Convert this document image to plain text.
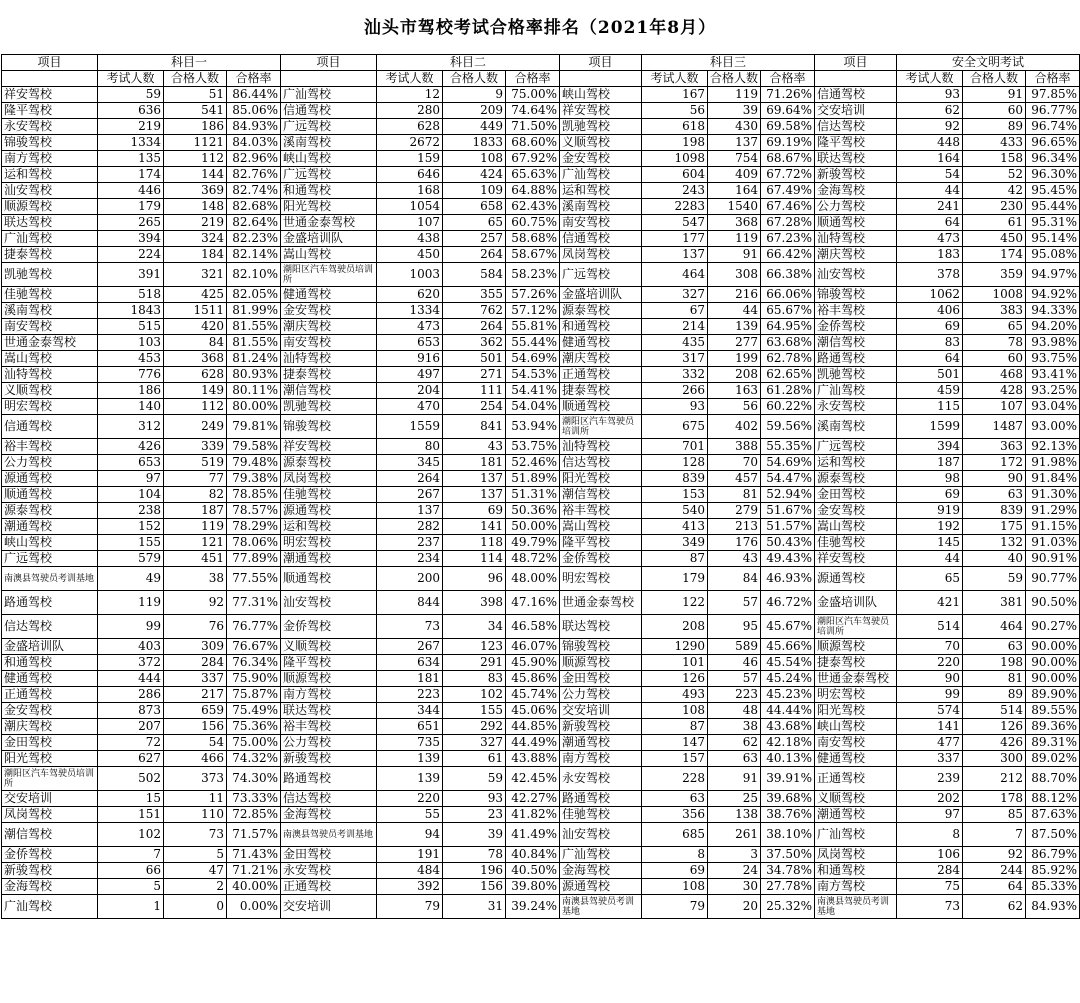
汕头市驾校考试合格率排名（2021年8月）
项目	科目一			项目	科目二			项目	科目三			项目	安全文明考试		
	考试人数	合格人数	合格率		考试人数	合格人数	合格率		考试人数	合格人数	合格率		考试人数	合格人数	合格率
祥安驾校	59	51	86.44%	广汕驾校	12	9	75.00%	峡山驾校	167	119	71.26%	信通驾校	93	91	97.85%
隆平驾校	636	541	85.06%	信通驾校	280	209	74.64%	祥安驾校	56	39	69.64%	交安培训	62	60	96.77%
永安驾校	219	186	84.93%	广远驾校	628	449	71.50%	凯驰驾校	618	430	69.58%	信达驾校	92	89	96.74%
锦骏驾校	1334	1121	84.03%	溪南驾校	2672	1833	68.60%	义顺驾校	198	137	69.19%	隆平驾校	448	433	96.65%
南方驾校	135	112	82.96%	峡山驾校	159	108	67.92%	金安驾校	1098	754	68.67%	联达驾校	164	158	96.34%
运和驾校	174	144	82.76%	广远驾校	646	424	65.63%	广汕驾校	604	409	67.72%	新骏驾校	54	52	96.30%
汕安驾校	446	369	82.74%	和通驾校	168	109	64.88%	运和驾校	243	164	67.49%	金海驾校	44	42	95.45%
顺源驾校	179	148	82.68%	阳光驾校	1054	658	62.43%	溪南驾校	2283	1540	67.46%	公力驾校	241	230	95.44%
联达驾校	265	219	82.64%	世通金泰驾校	107	65	60.75%	南安驾校	547	368	67.28%	顺通驾校	64	61	95.31%
广汕驾校	394	324	82.23%	金盛培训队	438	257	58.68%	信通驾校	177	119	67.23%	汕特驾校	473	450	95.14%
捷泰驾校	224	184	82.14%	嵩山驾校	450	264	58.67%	凤岗驾校	137	91	66.42%	潮庆驾校	183	174	95.08%
凯驰驾校	391	321	82.10%	潮阳区汽车驾驶员培训所	1003	584	58.23%	广远驾校	464	308	66.38%	汕安驾校	378	359	94.97%
佳驰驾校	518	425	82.05%	健通驾校	620	355	57.26%	金盛培训队	327	216	66.06%	锦骏驾校	1062	1008	94.92%
溪南驾校	1843	1511	81.99%	金安驾校	1334	762	57.12%	源泰驾校	67	44	65.67%	裕丰驾校	406	383	94.33%
南安驾校	515	420	81.55%	潮庆驾校	473	264	55.81%	和通驾校	214	139	64.95%	金侨驾校	69	65	94.20%
世通金泰驾校	103	84	81.55%	南安驾校	653	362	55.44%	健通驾校	435	277	63.68%	潮信驾校	83	78	93.98%
嵩山驾校	453	368	81.24%	汕特驾校	916	501	54.69%	潮庆驾校	317	199	62.78%	路通驾校	64	60	93.75%
汕特驾校	776	628	80.93%	捷泰驾校	497	271	54.53%	正通驾校	332	208	62.65%	凯驰驾校	501	468	93.41%
义顺驾校	186	149	80.11%	潮信驾校	204	111	54.41%	捷泰驾校	266	163	61.28%	广汕驾校	459	428	93.25%
明宏驾校	140	112	80.00%	凯驰驾校	470	254	54.04%	顺通驾校	93	56	60.22%	永安驾校	115	107	93.04%
信通驾校	312	249	79.81%	锦骏驾校	1559	841	53.94%	潮阳区汽车驾驶员培训所	675	402	59.56%	溪南驾校	1599	1487	93.00%
裕丰驾校	426	339	79.58%	祥安驾校	80	43	53.75%	汕特驾校	701	388	55.35%	广远驾校	394	363	92.13%
公力驾校	653	519	79.48%	源泰驾校	345	181	52.46%	信达驾校	128	70	54.69%	运和驾校	187	172	91.98%
源通驾校	97	77	79.38%	凤岗驾校	264	137	51.89%	阳光驾校	839	457	54.47%	源泰驾校	98	90	91.84%
顺通驾校	104	82	78.85%	佳驰驾校	267	137	51.31%	潮信驾校	153	81	52.94%	金田驾校	69	63	91.30%
源泰驾校	238	187	78.57%	源通驾校	137	69	50.36%	裕丰驾校	540	279	51.67%	金安驾校	919	839	91.29%
潮通驾校	152	119	78.29%	运和驾校	282	141	50.00%	嵩山驾校	413	213	51.57%	嵩山驾校	192	175	91.15%
峡山驾校	155	121	78.06%	明宏驾校	237	118	49.79%	隆平驾校	349	176	50.43%	佳驰驾校	145	132	91.03%
广远驾校	579	451	77.89%	潮通驾校	234	114	48.72%	金侨驾校	87	43	49.43%	祥安驾校	44	40	90.91%
南澳县驾驶员考训基地	49	38	77.55%	顺通驾校	200	96	48.00%	明宏驾校	179	84	46.93%	源通驾校	65	59	90.77%
路通驾校	119	92	77.31%	汕安驾校	844	398	47.16%	世通金泰驾校	122	57	46.72%	金盛培训队	421	381	90.50%
信达驾校	99	76	76.77%	金侨驾校	73	34	46.58%	联达驾校	208	95	45.67%	潮阳区汽车驾驶员培训所	514	464	90.27%
金盛培训队	403	309	76.67%	义顺驾校	267	123	46.07%	锦骏驾校	1290	589	45.66%	顺源驾校	70	63	90.00%
和通驾校	372	284	76.34%	隆平驾校	634	291	45.90%	顺源驾校	101	46	45.54%	捷泰驾校	220	198	90.00%
健通驾校	444	337	75.90%	顺源驾校	181	83	45.86%	金田驾校	126	57	45.24%	世通金泰驾校	90	81	90.00%
正通驾校	286	217	75.87%	南方驾校	223	102	45.74%	公力驾校	493	223	45.23%	明宏驾校	99	89	89.90%
金安驾校	873	659	75.49%	联达驾校	344	155	45.06%	交安培训	108	48	44.44%	阳光驾校	574	514	89.55%
潮庆驾校	207	156	75.36%	裕丰驾校	651	292	44.85%	新骏驾校	87	38	43.68%	峡山驾校	141	126	89.36%
金田驾校	72	54	75.00%	公力驾校	735	327	44.49%	潮通驾校	147	62	42.18%	南安驾校	477	426	89.31%
阳光驾校	627	466	74.32%	新骏驾校	139	61	43.88%	南方驾校	157	63	40.13%	健通驾校	337	300	89.02%
潮阳区汽车驾驶员培训所	502	373	74.30%	路通驾校	139	59	42.45%	永安驾校	228	91	39.91%	正通驾校	239	212	88.70%
交安培训	15	11	73.33%	信达驾校	220	93	42.27%	路通驾校	63	25	39.68%	义顺驾校	202	178	88.12%
凤岗驾校	151	110	72.85%	金海驾校	55	23	41.82%	佳驰驾校	356	138	38.76%	潮通驾校	97	85	87.63%
潮信驾校	102	73	71.57%	南澳县驾驶员考训基地	94	39	41.49%	汕安驾校	685	261	38.10%	广汕驾校	8	7	87.50%
金侨驾校	7	5	71.43%	金田驾校	191	78	40.84%	广汕驾校	8	3	37.50%	凤岗驾校	106	92	86.79%
新骏驾校	66	47	71.21%	永安驾校	484	196	40.50%	金海驾校	69	24	34.78%	和通驾校	284	244	85.92%
金海驾校	5	2	40.00%	正通驾校	392	156	39.80%	源通驾校	108	30	27.78%	南方驾校	75	64	85.33%
广汕驾校	1	0	0.00%	交安培训	79	31	39.24%	南澳县驾驶员考训基地	79	20	25.32%	南澳县驾驶员考训基地	73	62	84.93%
